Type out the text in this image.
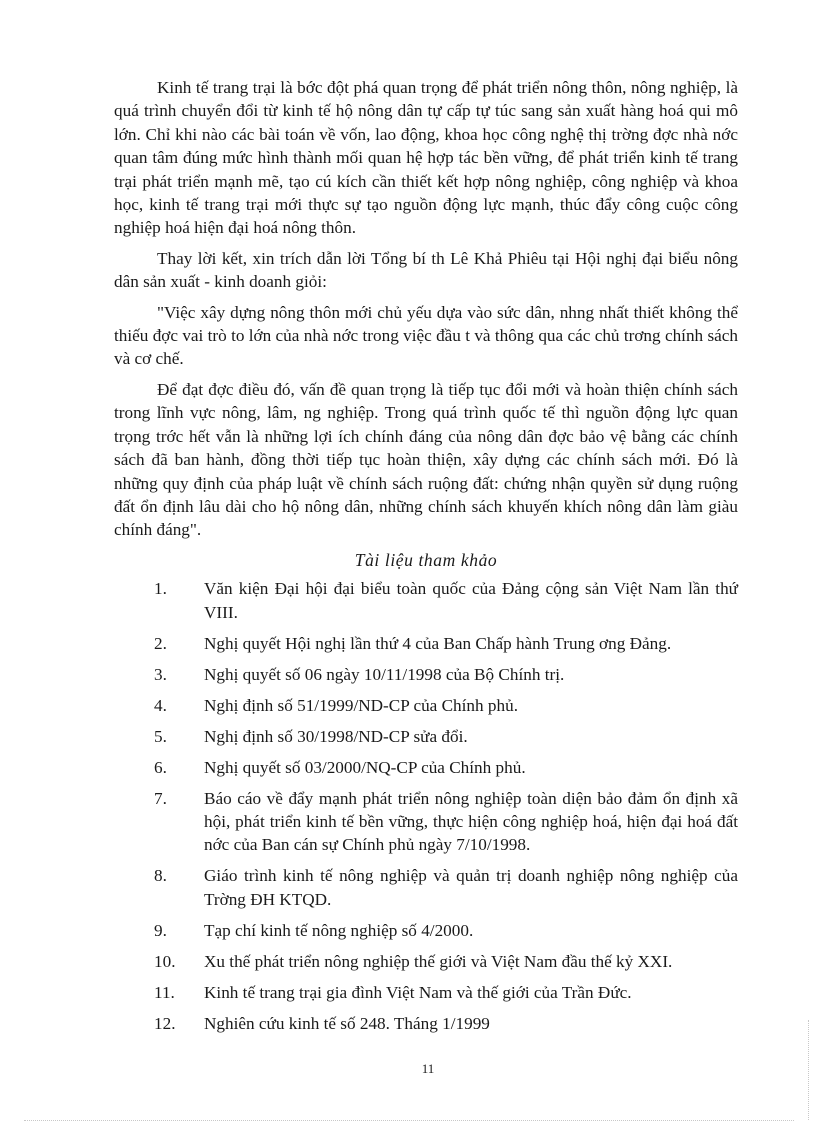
Kinh tế trang trại là bớc đột phá quan trọng để phát triển nông thôn, nông nghiệp, là quá trình chuyển đổi từ kinh tế hộ nông dân tự cấp tự túc sang sản xuất hàng hoá qui mô lớn. Chỉ khi nào các bài toán về vốn, lao động, khoa học công nghệ thị trờng đợc nhà nớc quan tâm đúng mức hình thành mối quan hệ hợp tác bền vững, để phát triển kinh tế trang trại phát triển mạnh mẽ, tạo cú kích cần thiết kết hợp nông nghiệp, công nghiệp và khoa học, kinh tế trang trại mới thực sự tạo nguồn động lực mạnh, thúc đẩy công cuộc công nghiệp hoá hiện đại hoá nông thôn.

Thay lời kết, xin trích dẫn lời Tổng bí th Lê Khả Phiêu tại Hội nghị đại biểu nông dân sản xuất - kinh doanh giỏi:

"Việc xây dựng nông thôn mới chủ yếu dựa vào sức dân, nhng nhất thiết không thể thiếu đợc vai trò to lớn của nhà nớc trong việc đầu t và thông qua các chủ trơng chính sách và cơ chế.

Để đạt đợc điều đó, vấn đề quan trọng là tiếp tục đổi mới và hoàn thiện chính sách trong lĩnh vực nông, lâm, ng nghiệp. Trong quá trình quốc tế thì nguồn động lực quan trọng trớc hết vẫn là những lợi ích chính đáng của nông dân đợc bảo vệ bằng các chính sách đã ban hành, đồng thời tiếp tục hoàn thiện, xây dựng các chính sách mới. Đó là những quy định của pháp luật về chính sách ruộng đất: chứng nhận quyền sử dụng ruộng đất ổn định lâu dài cho hộ nông dân, những chính sách khuyến khích nông dân làm giàu chính đáng".

Tài liệu tham khảo
1.	Văn kiện Đại hội đại biểu toàn quốc của Đảng cộng sản Việt Nam lần thứ VIII.
2.	Nghị quyết Hội nghị lần thứ 4 của Ban Chấp hành Trung ơng Đảng.
3.	Nghị quyết số 06 ngày 10/11/1998 của Bộ Chính trị.
4.	Nghị định số 51/1999/ND-CP của Chính phủ.
5.	Nghị định số 30/1998/ND-CP sửa đổi.
6.	Nghị quyết số 03/2000/NQ-CP của Chính phủ.
7.	Báo cáo về đẩy mạnh phát triển nông nghiệp toàn diện bảo đảm ổn định xã hội, phát triển kinh tế bền vững, thực hiện công nghiệp hoá, hiện đại hoá đất nớc của Ban cán sự Chính phủ ngày 7/10/1998.
8.	Giáo trình kinh tế nông nghiệp và quản trị doanh nghiệp nông nghiệp của Trờng ĐH KTQD.
9.	Tạp chí kinh tế nông nghiệp số 4/2000.
10.	Xu thế phát triển nông nghiệp thế giới và Việt Nam đầu thế kỷ XXI.
11.	Kinh tế trang trại gia đình Việt Nam và thế giới của Trần Đức.
12.	Nghiên cứu kinh tế số 248. Tháng 1/1999
11
